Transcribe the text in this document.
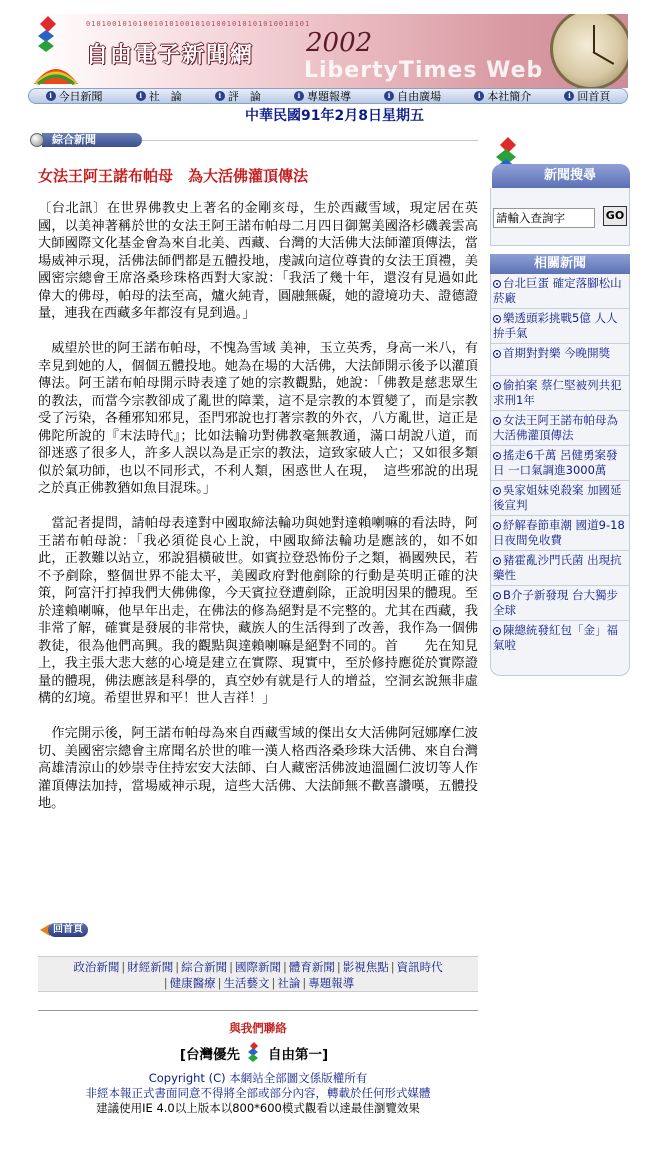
0101001010100101010010101001010101010010101
自由電子新聞網 2002
LibertyTimes Web
i 今日新聞	i 社　論	i 評　論	i 專題報導	i 自由廣場	i 本社簡介	i 回首頁
中華民國91年2月8日星期五
綜合新聞
女法王阿王諾布帕母　為大活佛灌頂傳法

〔台北訊〕在世界佛教史上著名的金剛亥母，生於西藏雪域，現定居在英國，以美神著稱於世的女法王阿王諾布帕母二月四日御駕美國洛杉磯義雲高大師國際文化基金會為來自北美、西藏、台灣的大活佛大法師灌頂傳法，當場威神示現，活佛法師們都是五體投地，虔誠向這位尊貴的女法王頂禮，美國密宗總會王席洛桑珍珠格西對大家說：「我活了幾十年，還沒有見過如此偉大的佛母，帕母的法至高，爐火純青，圓融無礙，她的證境功夫、證德證量，連我在西藏多年都沒有見到過。」

　威望於世的阿王諾布帕母，不愧為雪域 美神，玉立英秀，身高一米八，有幸見到她的人，個個五體投地。她為在場的大活佛，大法師開示後予以灌頂傳法。阿王諾布帕母開示時表達了她的宗教觀點，她說：「佛教是慈悲眾生的教法，而當今宗教卻成了亂世的障業，這不是宗教的本質變了，而是宗教受了污染，各種邪知邪見，歪門邪說也打著宗教的外衣，八方亂世，這正是佛陀所說的『末法時代』；比如法輪功對佛教毫無教通，滿口胡說八道，而卻迷惑了很多人，許多人誤以為是正宗的教法，這致家破人亡；又如很多類似於氣功師，也以不同形式，不利人類，困惑世人在現，　這些邪說的出現之於真正佛教猶如魚目混珠。」

　當記者提問，請帕母表達對中國取締法輪功與她對達賴喇嘛的看法時，阿王諾布帕母說：「我必須從良心上說，中國取締法輪功是應該的，如不如此，正教難以站立，邪說猖橫破世。如賓拉登恐怖份子之類，禍國殃民，若不予剷除，整個世界不能太平，美國政府對他剷除的行動是英明正確的決策，阿富汗打掉我們大佛佛像，今天賓拉登遭剷除，正說明因果的體現。至於達賴喇嘛，他早年出走，在佛法的修為絕對是不完整的。尤其在西藏，我非常了解，確實是發展的非常快，藏族人的生活得到了改善，我作為一個佛教徒，很為他們高興。我的觀點與達賴喇嘛是絕對不同的。首　　先在知見上，我主張大悲大慈的心境是建立在實際、現實中，至於修持應從於實際證量的體現，佛法應該是科學的，真空妙有就是行人的增益，空洞玄說無非虛構的幻境。希望世界和平！世人吉祥！」

　作完開示後，阿王諾布帕母為來自西藏雪域的傑出女大活佛阿冠娜摩仁波切、美國密宗總會主席聞名於世的唯一漢人格西洛桑珍珠大活佛、來自台灣高雄清涼山的妙崇寺住持宏安大法師、白人藏密活佛波迪溫圖仁波切等人作灌頂傳法加持，當場威神示現，這些大活佛、大法師無不歡喜讚嘆，五體投地。

回首頁
政治新聞 | 財經新聞 | 綜合新聞 | 國際新聞 | 體育新聞 | 影視焦點 | 資訊時代
| 健康醫療 | 生活藝文 | 社論 | 專題報導
與我們聯絡
[台灣優先 自由第一]
Copyright (C) 本網站全部圖文係版權所有
非經本報正式書面同意不得將全部或部分內容，轉載於任何形式媒體
建議使用IE 4.0以上版本以800*600模式觀看以達最佳瀏覽效果
新聞搜尋
請輸入查詢字
GO
相關新聞
台北巨蛋 確定落腳松山菸廠
樂透頭彩挑戰5億 人人拚手氣
首期對對樂 今晚開獎
偷拍案 蔡仁堅被列共犯求刑1年
女法王阿王諾布帕母為大活佛灌頂傳法
搖走6千萬 呂健勇案發日 一口氣調進3000萬
吳家姐妹兇殺案 加國延後宣判
紓解春節車潮 國道9-18日夜間免收費
豬霍亂沙門氏菌 出現抗藥性
B介子新發現 台大獨步全球
陳總統發紅包「金」福氣啦
